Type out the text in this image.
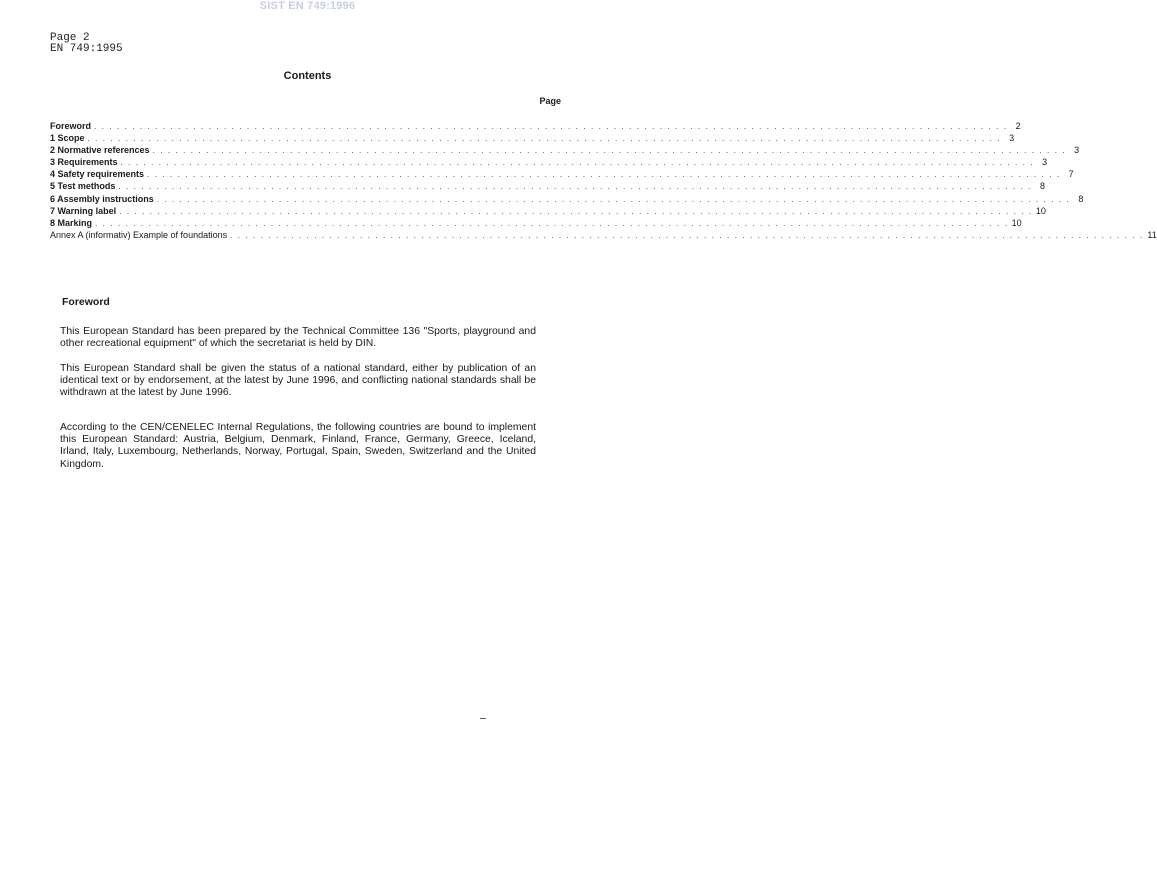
SIST EN 749:1996
Page 2
EN 749:1995
Contents
Page
Foreword . . . . . . . . . . . . . . . . . . . . . . . . . . . . . . . . . . . . . . . . . . . . . . . . . . . . . . . . . . . . . . . . . . . . . . . . . . . . . . . . . . . . . . . . . . . . . . . . . . . . . . . . . . . . . . . . . . . . . . . . 2
1 Scope . . . . . . . . . . . . . . . . . . . . . . . . . . . . . . . . . . . . . . . . . . . . . . . . . . . . . . . . . . . . . . . . . . . . . . . . . . . . . . . . . . . . . . . . . . . . . . . . . . . . . . . . . . . . . . . . . . . . . . . . 3
2 Normative references . . . . . . . . . . . . . . . . . . . . . . . . . . . . . . . . . . . . . . . . . . . . . . . . . . . . . . . . . . . . . . . . . . . . . . . . . . . . . . . . . . . . . . . . . . . . . . . . . . . . . . . . . . . . . . . . . . . . . . . . 3
3 Requirements . . . . . . . . . . . . . . . . . . . . . . . . . . . . . . . . . . . . . . . . . . . . . . . . . . . . . . . . . . . . . . . . . . . . . . . . . . . . . . . . . . . . . . . . . . . . . . . . . . . . . . . . . . . . . . . . . . . . . . . . 3
4 Safety requirements . . . . . . . . . . . . . . . . . . . . . . . . . . . . . . . . . . . . . . . . . . . . . . . . . . . . . . . . . . . . . . . . . . . . . . . . . . . . . . . . . . . . . . . . . . . . . . . . . . . . . . . . . . . . . . . . . . . . . . . . 7
5 Test methods . . . . . . . . . . . . . . . . . . . . . . . . . . . . . . . . . . . . . . . . . . . . . . . . . . . . . . . . . . . . . . . . . . . . . . . . . . . . . . . . . . . . . . . . . . . . . . . . . . . . . . . . . . . . . . . . . . . . . . . . 8
6 Assembly instructions . . . . . . . . . . . . . . . . . . . . . . . . . . . . . . . . . . . . . . . . . . . . . . . . . . . . . . . . . . . . . . . . . . . . . . . . . . . . . . . . . . . . . . . . . . . . . . . . . . . . . . . . . . . . . . . . . . . . . . . . 8
7 Warning label . . . . . . . . . . . . . . . . . . . . . . . . . . . . . . . . . . . . . . . . . . . . . . . . . . . . . . . . . . . . . . . . . . . . . . . . . . . . . . . . . . . . . . . . . . . . . . . . . . . . . . . . . . . . . . . . . . . . . . . . 10
8 Marking . . . . . . . . . . . . . . . . . . . . . . . . . . . . . . . . . . . . . . . . . . . . . . . . . . . . . . . . . . . . . . . . . . . . . . . . . . . . . . . . . . . . . . . . . . . . . . . . . . . . . . . . . . . . . . . . . . . . . . . . 10
Annex A (informativ) Example of foundations . . . . . . . . . . . . . . . . . . . . . . . . . . . . . . . . . . . . . . . . . . . . . . . . . . . . . . . . . . . . . . . . . . . . . . . . . . . . . . . . . . . . . . . . . . . . . . . . . . . . . . . . . . . . . . . . . . . . . . . . 11
Foreword
This European Standard has been prepared by the Technical Committee 136 "Sports, playground and other recreational equipment" of which the secretariat is held by DIN.
This European Standard shall be given the status of a national standard, either by publication of an identical text or by endorsement, at the latest by June 1996, and conflicting national standards shall be withdrawn at the latest by June 1996.
According to the CEN/CENELEC Internal Regulations, the following countries are bound to implement this European Standard: Austria, Belgium, Denmark, Finland, France, Germany, Greece, Iceland, Irland, Italy, Luxembourg, Netherlands, Norway, Portugal, Spain, Sweden, Switzerland and the United Kingdom.
